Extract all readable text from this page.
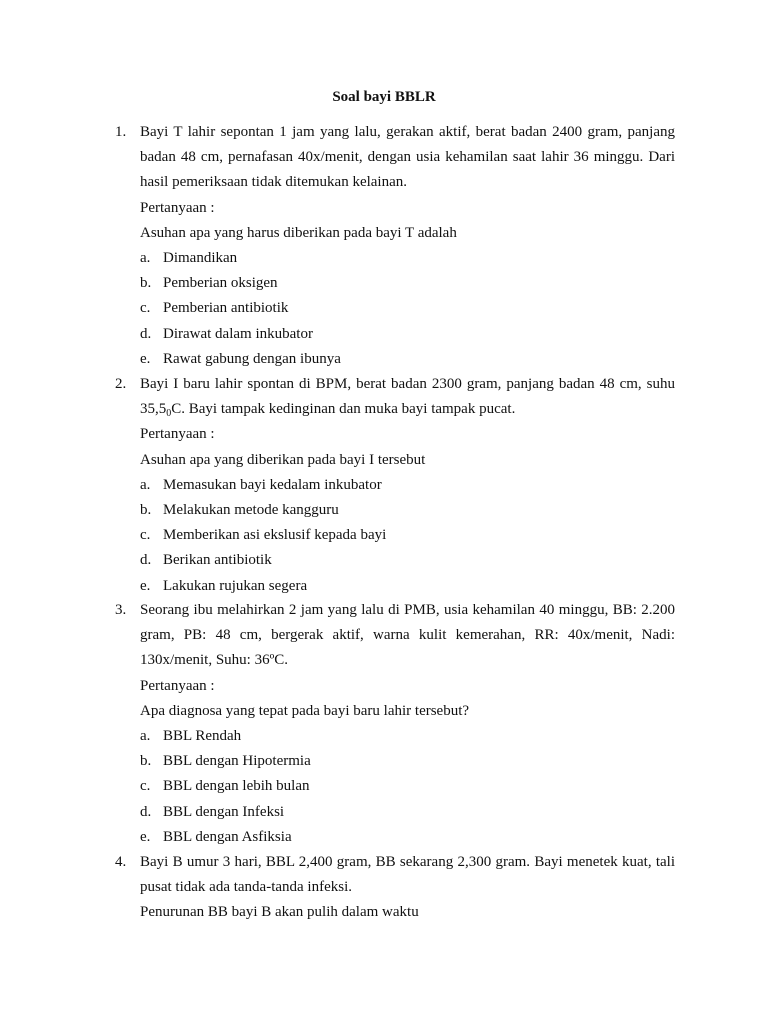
Soal bayi BBLR
1. Bayi T lahir sepontan 1 jam yang lalu, gerakan aktif, berat badan 2400 gram, panjang badan 48 cm, pernafasan 40x/menit, dengan usia kehamilan saat lahir 36 minggu. Dari hasil pemeriksaan tidak ditemukan kelainan.
Pertanyaan :
Asuhan apa yang harus diberikan pada bayi T adalah
a. Dimandikan
b. Pemberian oksigen
c. Pemberian antibiotik
d. Dirawat dalam inkubator
e. Rawat gabung dengan ibunya
2. Bayi I baru lahir spontan di BPM, berat badan 2300 gram, panjang badan 48 cm, suhu $35,5_0C$. Bayi tampak kedinginan dan muka bayi tampak pucat.
Pertanyaan :
Asuhan apa yang diberikan pada bayi I tersebut
a. Memasukan bayi kedalam inkubator
b. Melakukan metode kangguru
c. Memberikan asi ekslusif kepada bayi
d. Berikan antibiotik
e. Lakukan rujukan segera
3. Seorang ibu melahirkan 2 jam yang lalu di PMB, usia kehamilan 40 minggu, BB: 2.200 gram, PB: 48 cm, bergerak aktif, warna kulit kemerahan, RR: 40x/menit, Nadi: 130x/menit, Suhu: 36ºC.
Pertanyaan :
Apa diagnosa yang tepat pada bayi baru lahir tersebut?
a. BBL Rendah
b. BBL dengan Hipotermia
c. BBL dengan lebih bulan
d. BBL dengan Infeksi
e. BBL dengan Asfiksia
4. Bayi B umur 3 hari, BBL 2,400 gram, BB sekarang 2,300 gram. Bayi menetek kuat, tali pusat tidak ada tanda-tanda infeksi.
Penurunan BB bayi B akan pulih dalam waktu
